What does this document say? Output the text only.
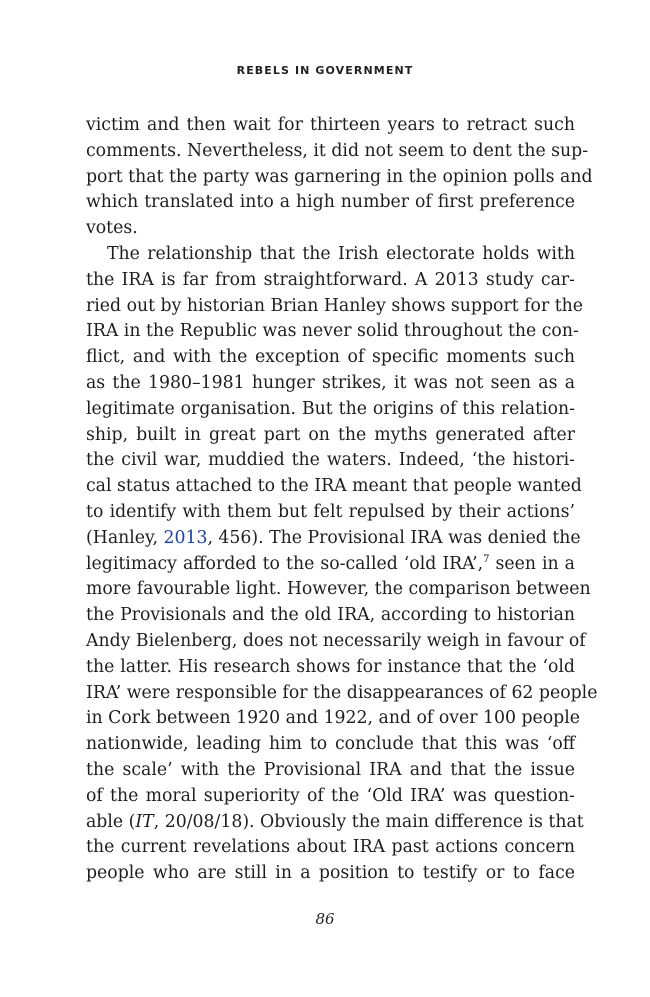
REBELS IN GOVERNMENT
victim and then wait for thirteen years to retract such
comments. Nevertheless, it did not seem to dent the sup-
port that the party was garnering in the opinion polls and
which translated into a high number of first preference
votes.
The relationship that the Irish electorate holds with
the IRA is far from straightforward. A 2013 study car-
ried out by historian Brian Hanley shows support for the
IRA in the Republic was never solid throughout the con-
flict, and with the exception of specific moments such
as the 1980–1981 hunger strikes, it was not seen as a
legitimate organisation. But the origins of this relation-
ship, built in great part on the myths generated after
the civil war, muddied the waters. Indeed, ‘the histori-
cal status attached to the IRA meant that people wanted
to identify with them but felt repulsed by their actions’
(Hanley, 2013, 456). The Provisional IRA was denied the
legitimacy afforded to the so-called ‘old IRA’,$^7$ seen in a
more favourable light. However, the comparison between
the Provisionals and the old IRA, according to historian
Andy Bielenberg, does not necessarily weigh in favour of
the latter. His research shows for instance that the ‘old
IRA’ were responsible for the disappearances of 62 people
in Cork between 1920 and 1922, and of over 100 people
nationwide, leading him to conclude that this was ‘off
the scale’ with the Provisional IRA and that the issue
of the moral superiority of the ‘Old IRA’ was question-
able (IT, 20/08/18). Obviously the main difference is that
the current revelations about IRA past actions concern
people who are still in a position to testify or to face
86
